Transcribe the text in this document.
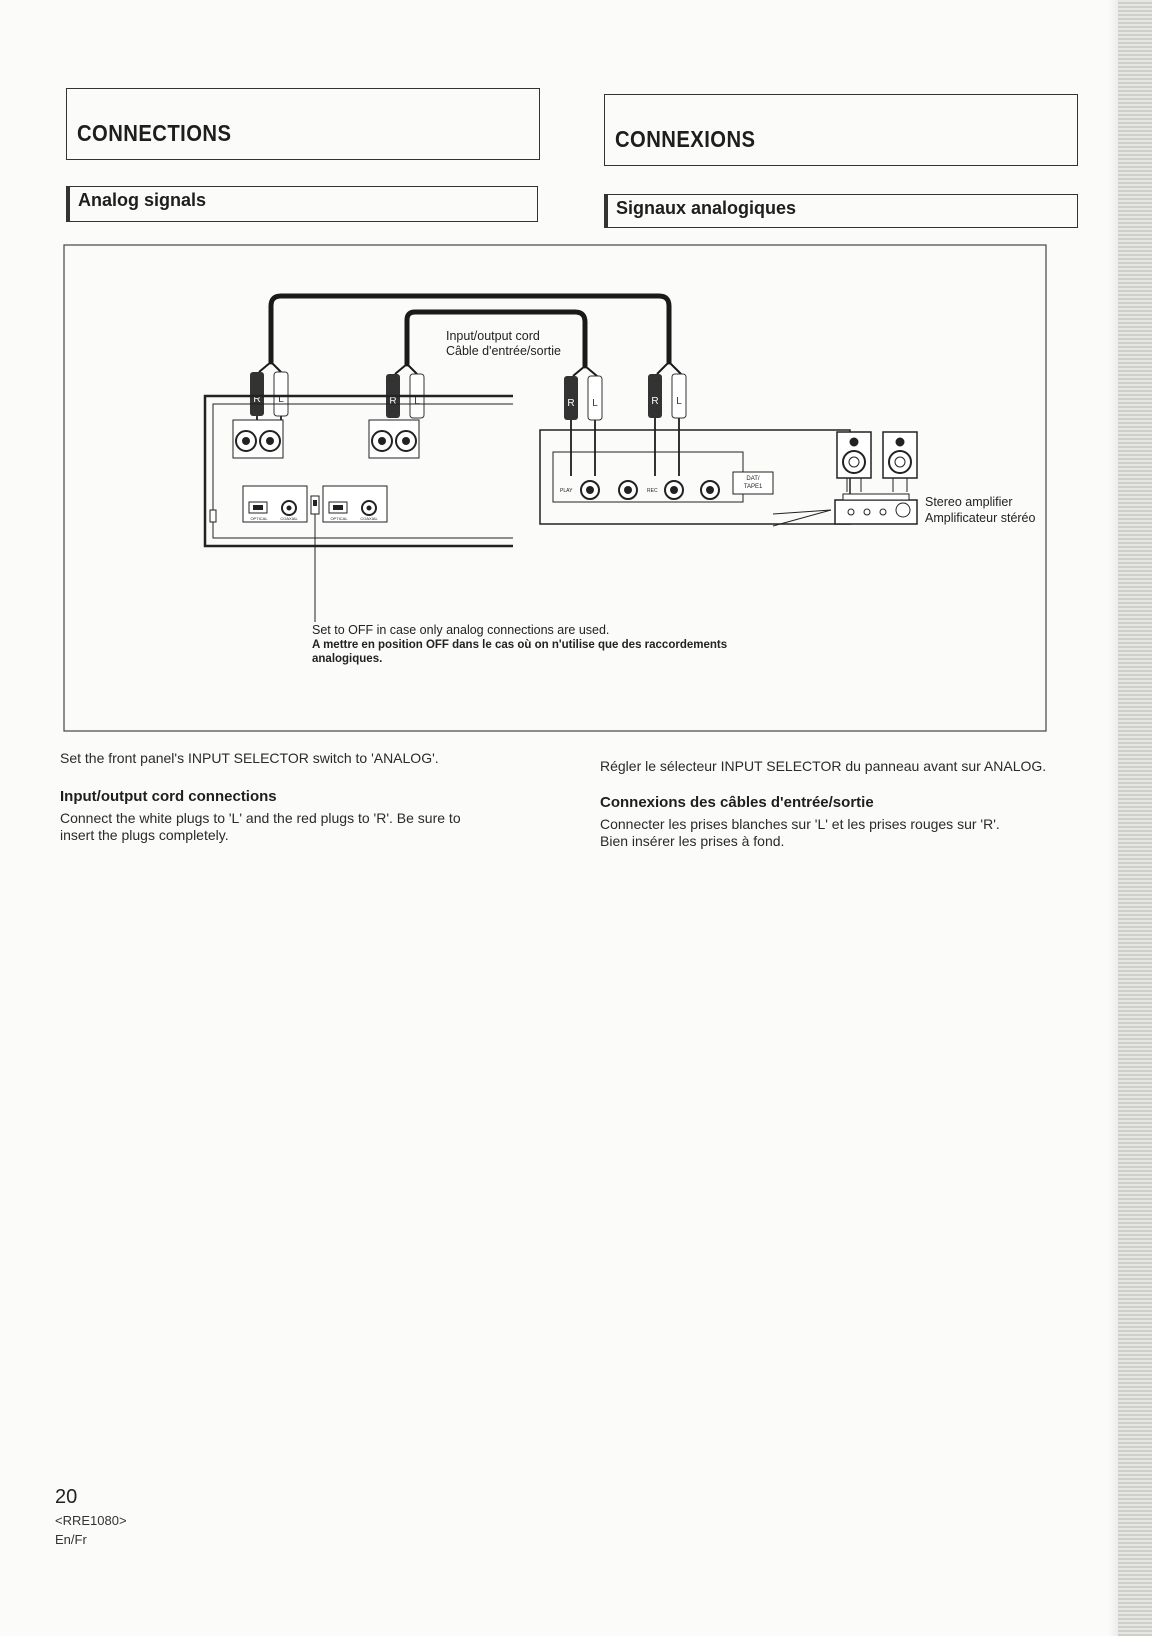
CONNECTIONS	CONNEXIONS
Analog signals	Signaux analogiques
R L	R L	R L	R L
Input/output cord
Câble d'entrée/sortie
OPTICAL	COAXIAL	OPTICAL	COAXIAL
Set to OFF in case only analog connections are used.
A mettre en position OFF dans le cas où on n'utilise que des raccordements
analogiques.
DAT/
TAPE1
PLAY	REC
Stereo amplifier
Amplificateur stéréo
Set the front panel's INPUT SELECTOR switch to 'ANALOG'.
Input/output cord connections
Connect the white plugs to 'L' and the red plugs to 'R'. Be sure to
insert the plugs completely.
Régler le sélecteur INPUT SELECTOR du panneau avant sur ANALOG.
Connexions des câbles d'entrée/sortie
Connecter les prises blanches sur 'L' et les prises rouges sur 'R'.
Bien insérer les prises à fond.
20
<RRE1080>
En/Fr
